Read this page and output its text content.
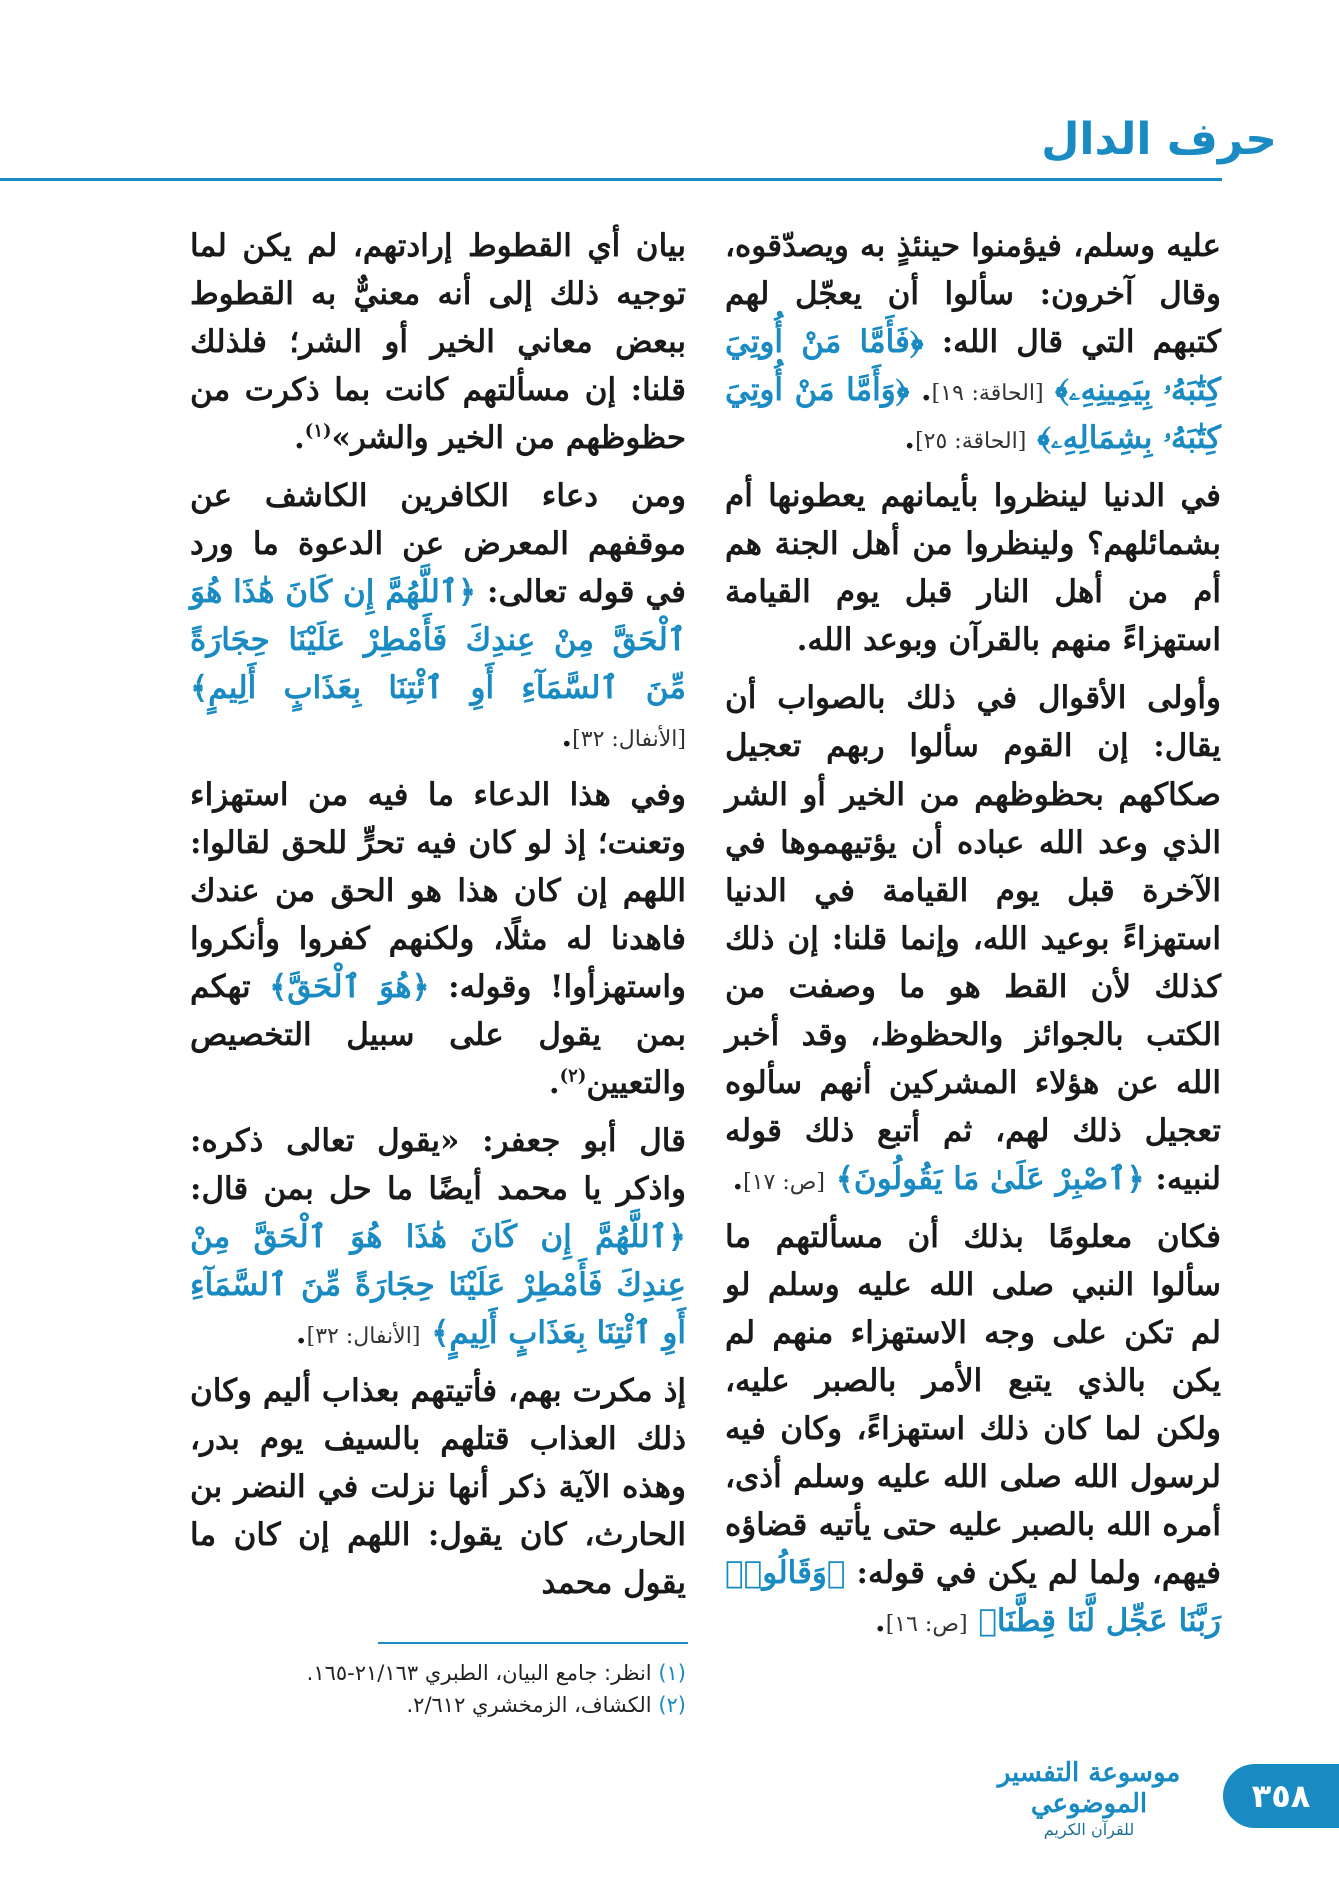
حرف الدال

عليه وسلم، فيؤمنوا حينئذٍ به ويصدّقوه، وقال آخرون: سألوا أن يعجّل لهم كتبهم التي قال الله: ﴿فَأَمَّا مَنْ أُوتِيَ كِتَٰبَهُۥ بِيَمِينِهِۦ﴾ [الحاقة: ١٩]. ﴿وَأَمَّا مَنْ أُوتِيَ كِتَٰبَهُۥ بِشِمَالِهِۦ﴾ [الحاقة: ٢٥].

في الدنيا لينظروا بأيمانهم يعطونها أم بشمائلهم؟ ولينظروا من أهل الجنة هم أم من أهل النار قبل يوم القيامة استهزاءً منهم بالقرآن وبوعد الله.

وأولى الأقوال في ذلك بالصواب أن يقال: إن القوم سألوا ربهم تعجيل صكاكهم بحظوظهم من الخير أو الشر الذي وعد الله عباده أن يؤتيهموها في الآخرة قبل يوم القيامة في الدنيا استهزاءً بوعيد الله، وإنما قلنا: إن ذلك كذلك لأن القط هو ما وصفت من الكتب بالجوائز والحظوظ، وقد أخبر الله عن هؤلاء المشركين أنهم سألوه تعجيل ذلك لهم، ثم أتبع ذلك قوله لنبيه: ﴿ٱصْبِرْ عَلَىٰ مَا يَقُولُونَ﴾ [ص: ١٧].

فكان معلومًا بذلك أن مسألتهم ما سألوا النبي صلى الله عليه وسلم لو لم تكن على وجه الاستهزاء منهم لم يكن بالذي يتبع الأمر بالصبر عليه، ولكن لما كان ذلك استهزاءً، وكان فيه لرسول الله صلى الله عليه وسلم أذى، أمره الله بالصبر عليه حتى يأتيه قضاؤه فيهم، ولما لم يكن في قوله: ﴿وَقَالُوا۟ رَبَّنَا عَجِّل لَّنَا قِطَّنَا﴾ [ص: ١٦].

بيان أي القطوط إرادتهم، لم يكن لما توجيه ذلك إلى أنه معنيٌّ به القطوط ببعض معاني الخير أو الشر؛ فلذلك قلنا: إن مسألتهم كانت بما ذكرت من حظوظهم من الخير والشر»$^{(١)}$.

ومن دعاء الكافرين الكاشف عن موقفهم المعرض عن الدعوة ما ورد في قوله تعالى: ﴿ٱللَّهُمَّ إِن كَانَ هَٰذَا هُوَ ٱلْحَقَّ مِنْ عِندِكَ فَأَمْطِرْ عَلَيْنَا حِجَارَةً مِّنَ ٱلسَّمَآءِ أَوِ ٱئْتِنَا بِعَذَابٍ أَلِيمٍ﴾ [الأنفال: ٣٢].

وفي هذا الدعاء ما فيه من استهزاء وتعنت؛ إذ لو كان فيه تحرٍّ للحق لقالوا: اللهم إن كان هذا هو الحق من عندك فاهدنا له مثلًا، ولكنهم كفروا وأنكروا واستهزأوا! وقوله: ﴿هُوَ ٱلْحَقَّ﴾ تهكم بمن يقول على سبيل التخصيص والتعيين$^{(٢)}$.

قال أبو جعفر: «يقول تعالى ذكره: واذكر يا محمد أيضًا ما حل بمن قال: ﴿ٱللَّهُمَّ إِن كَانَ هَٰذَا هُوَ ٱلْحَقَّ مِنْ عِندِكَ فَأَمْطِرْ عَلَيْنَا حِجَارَةً مِّنَ ٱلسَّمَآءِ أَوِ ٱئْتِنَا بِعَذَابٍ أَلِيمٍ﴾ [الأنفال: ٣٢].

إذ مكرت بهم، فأتيتهم بعذاب أليم وكان ذلك العذاب قتلهم بالسيف يوم بدر، وهذه الآية ذكر أنها نزلت في النضر بن الحارث، كان يقول: اللهم إن كان ما يقول محمد

(١) انظر: جامع البيان، الطبري ٢١/١٦٣-١٦٥.
(٢) الكشاف، الزمخشري ٢/٦١٢.
٣٥٨
موسوعة التفسير الموضوعي
للقرآن الكريم
